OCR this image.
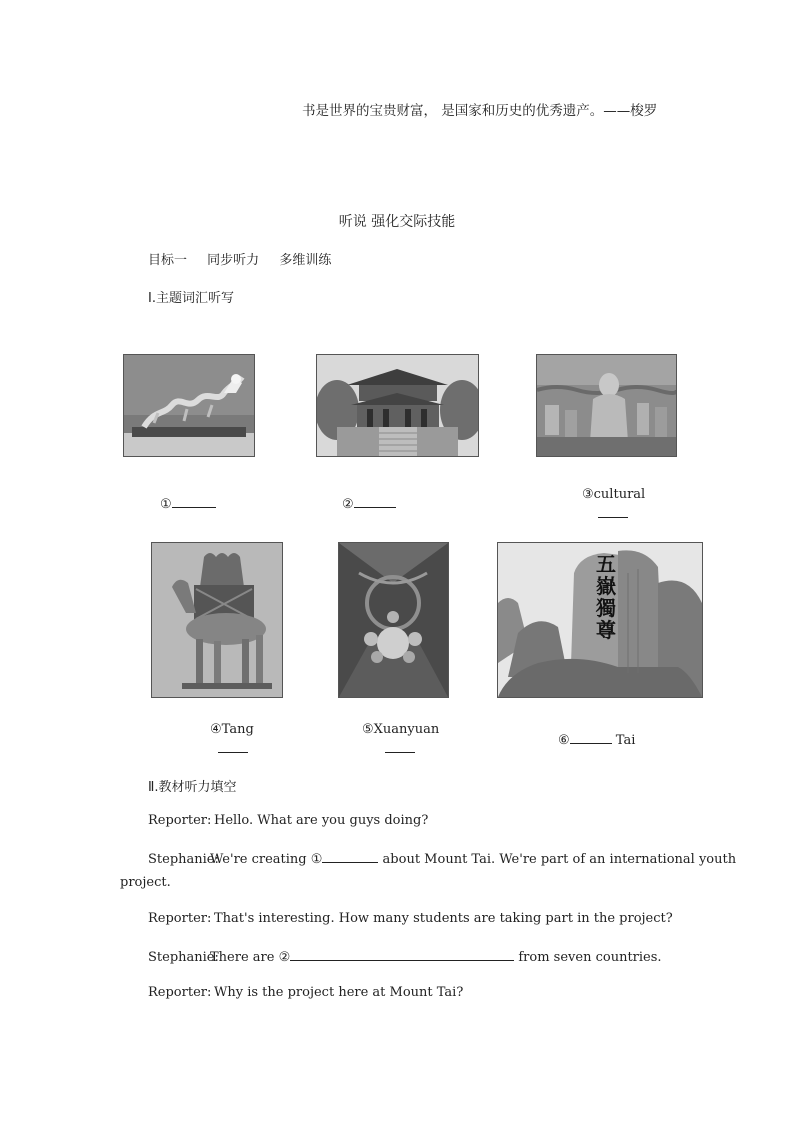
书是世界的宝贵财富， 是国家和历史的优秀遗产。——梭罗
听说 强化交际技能
目标一 同步听力 多维训练
Ⅰ.主题词汇听写
①	②
③cultural
五嶽獨尊
④Tang	⑤Xuanyuan
⑥	Tai
Ⅱ.教材听力填空
Reporter: Hello. What are you guys doing?
Stephanie:We're creating ①	about Mount Tai. We're part of an international youth
project.
Reporter: That's interesting. How many students are taking part in the project?
Stephanie:There are ②	from seven countries.
Reporter: Why is the project here at Mount Tai?
